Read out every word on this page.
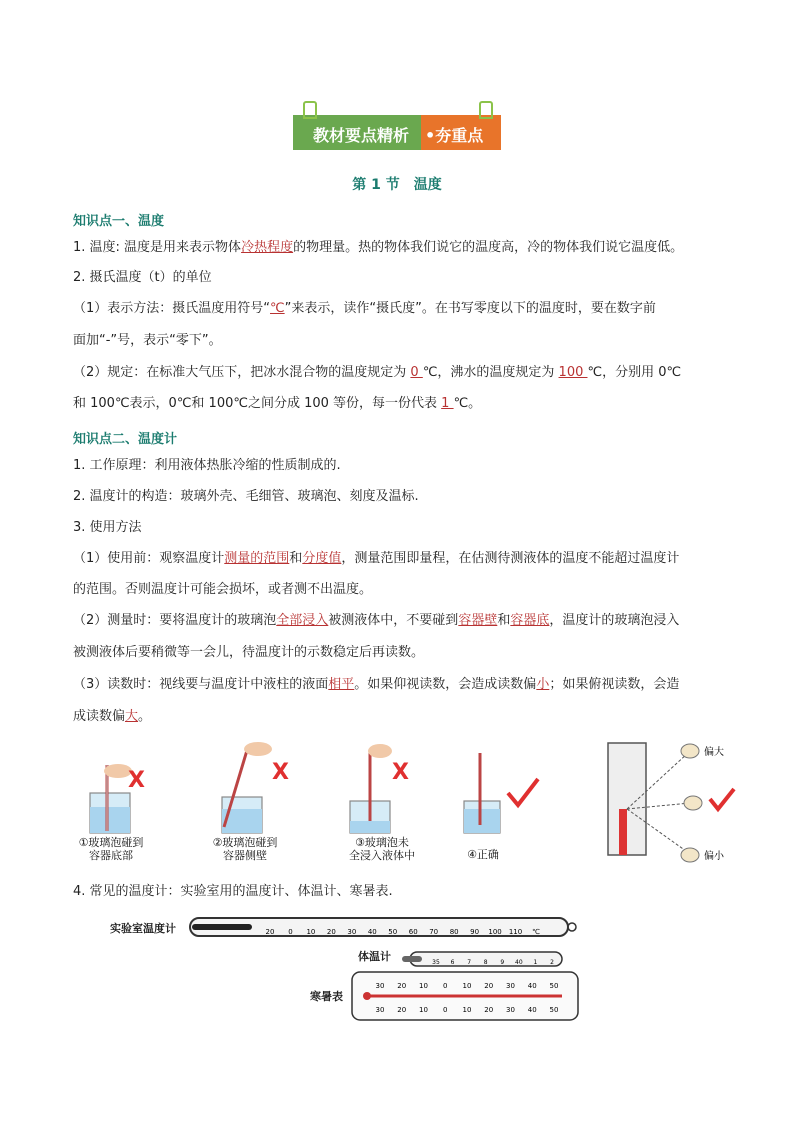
教材要点精析 •夯重点
第 1 节　温度
知识点一、温度
1. 温度: 温度是用来表示物体冷热程度的物理量。热的物体我们说它的温度高，冷的物体我们说它温度低。
2. 摄氏温度（t）的单位
（1）表示方法：摄氏温度用符号“℃”来表示，读作“摄氏度”。在书写零度以下的温度时，要在数字前
面加“-”号，表示“零下”。
（2）规定：在标准大气压下，把冰水混合物的温度规定为 0 ℃，沸水的温度规定为 100 ℃，分别用 0℃
和 100℃表示，0℃和 100℃之间分成 100 等份，每一份代表 1 ℃。
知识点二、温度计
1. 工作原理：利用液体热胀冷缩的性质制成的.
2. 温度计的构造：玻璃外壳、毛细管、玻璃泡、刻度及温标.
3. 使用方法
（1）使用前：观察温度计测量的范围和分度值，测量范围即量程，在估测待测液体的温度不能超过温度计
的范围。否则温度计可能会损坏，或者测不出温度。
（2）测量时：要将温度计的玻璃泡全部浸入被测液体中，不要碰到容器壁和容器底，温度计的玻璃泡浸入
被测液体后要稍微等一会儿，待温度计的示数稳定后再读数。
（3）读数时：视线要与温度计中液柱的液面相平。如果仰视读数，会造成读数偏小；如果俯视读数，会造
成读数偏大。
X	X	X
偏大
偏小
①玻璃泡碰到
容器底部
②玻璃泡碰到
容器侧壁
③玻璃泡未
全浸入液体中	④正确
4. 常见的温度计：实验室用的温度计、体温计、寒暑表.
实验室温度计
体温计
寒暑表
20 0 10 20 30 40 50 60 70 80 90 100 110 ℃
35 6 7 8 9 40 1 2
30 20 10 0 10 20 30 40 50
30 20 10 0 10 20 30 40 50
